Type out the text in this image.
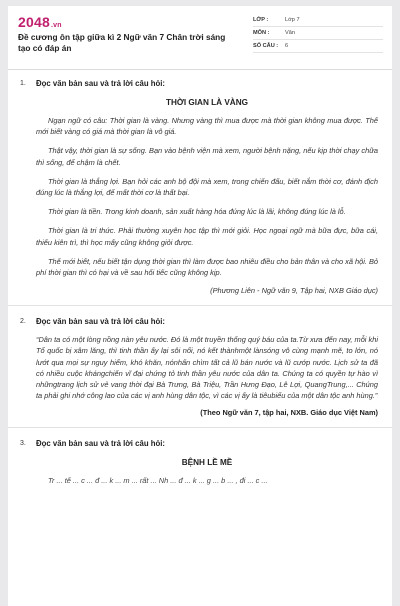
2048.vn
Đề cương ôn tập giữa kì 2 Ngữ văn 7 Chân trời sáng tạo có đáp án
LỚP :	Lớp 7
MÔN :	Văn
SỐ CÂU :	6
1. Đọc văn bản sau và trả lời câu hỏi:
THỜI GIAN LÀ VÀNG

Ngạn ngữ có câu: Thời gian là vàng. Nhưng vàng thì mua được mà thời gian không mua được. Thế mới biết vàng có giá mà thời gian là vô giá.

Thật vậy, thời gian là sự sống. Bạn vào bệnh viện mà xem, người bệnh nặng, nếu kịp thời chạy chữa thì sống, để chậm là chết.

Thời gian là thắng lợi. Bạn hỏi các anh bộ đội mà xem, trong chiến đấu, biết nắm thời cơ, đánh địch đúng lúc là thắng lợi, để mất thời cơ là thất bại.

Thời gian là tiền. Trong kinh doanh, sản xuất hàng hóa đúng lúc là lãi, không đúng lúc là lỗ.

Thời gian là tri thức. Phải thường xuyên học tập thì mới giỏi. Học ngoại ngữ mà bữa đực, bữa cái, thiếu kiên trì, thì học mấy cũng không giỏi được.

Thế mới biết, nếu biết tận dụng thời gian thì làm được bao nhiêu điều cho bản thân và cho xã hội. Bỏ phí thời gian thì có hại và về sau hối tiếc cũng không kịp.

(Phương Liên - Ngữ văn 9, Tập hai, NXB Giáo dục)
2. Đọc văn bản sau và trả lời câu hỏi:

“Dân ta có một lòng nồng nàn yêu nước. Đó là một truyền thống quý báu của ta.Từ xưa đến nay, mỗi khi Tổ quốc bị xâm lăng, thì tinh thần ấy lại sôi nổi, nó kết thànhmột lànsóng vô cùng mạnh mẽ, to lớn, nó lướt qua mọi sự nguy hiểm, khó khăn, nónhấn chìm tất cả lũ bán nước và lũ cướp nước. Lịch sử ta đã có nhiều cuộc khángchiến vĩ đại chứng tỏ tinh thần yêu nước của dân ta. Chúng ta có quyền tự hào vì nhữngtrang lịch sử vẻ vang thời đại Bà Trưng, Bà Triệu, Trần Hưng Đạo, Lê Lợi, QuangTrung,... Chúng ta phải ghi nhớ công lao của các vị anh hùng dân tộc, vì các vị ấy là tiêubiểu của một dân tộc anh hùng.”

(Theo Ngữ văn 7, tập hai, NXB. Giáo dục Việt Nam)
3. Đọc văn bản sau và trả lời câu hỏi:
BỆNH LỀ MỀ

Tr ... tế ... c ... đ ... k ... m ... rất ... Nh ... đ ... k ... g ... b ... , đi ... c ...
